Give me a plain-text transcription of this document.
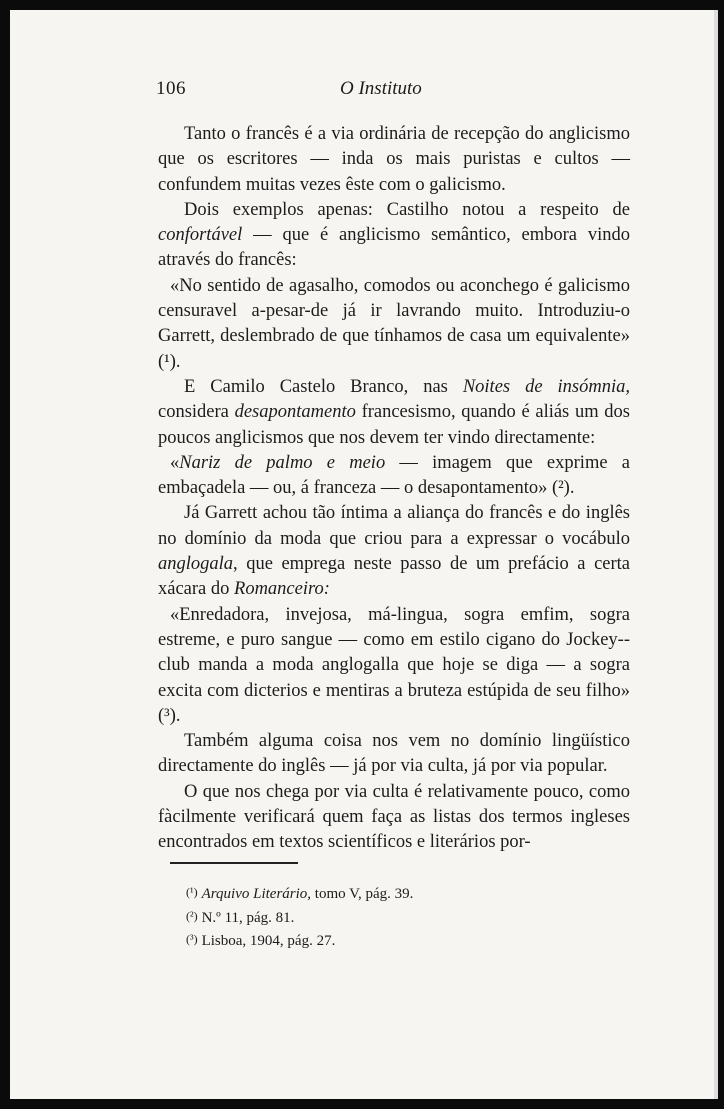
106	O Instituto

Tanto o francês é a via ordinária de recepção do anglicismo que os escritores — inda os mais puristas e cultos — confundem muitas vezes êste com o galicismo.

Dois exemplos apenas: Castilho notou a respeito de confortável — que é anglicismo semântico, embora vindo através do francês:

«No sentido de agasalho, comodos ou aconchego é galicismo censuravel a-pesar-de já ir lavrando muito. Introduziu-o Garrett, deslembrado de que tínhamos de casa um equivalente» (¹).

E Camilo Castelo Branco, nas Noites de insómnia, considera desapontamento francesismo, quando é aliás um dos poucos anglicismos que nos devem ter vindo directamente:

«Nariz de palmo e meio — imagem que exprime a embaçadela — ou, á franceza — o desapontamento» (²).

Já Garrett achou tão íntima a aliança do francês e do inglês no domínio da moda que criou para a expressar o vocábulo anglogala, que emprega neste passo de um prefácio a certa xácara do Romanceiro:

«Enredadora, invejosa, má-lingua, sogra emfim, sogra estreme, e puro sangue — como em estilo cigano do Jockey--club manda a moda anglogalla que hoje se diga — a sogra excita com dicterios e mentiras a bruteza estúpida de seu filho» (³).

Também alguma coisa nos vem no domínio lingüístico directamente do inglês — já por via culta, já por via popular.

O que nos chega por via culta é relativamente pouco, como fàcilmente verificará quem faça as listas dos termos ingleses encontrados em textos scientíficos e literários por-

(¹) Arquivo Literário, tomo V, pág. 39.
(²) N.º 11, pág. 81.
(³) Lisboa, 1904, pág. 27.
